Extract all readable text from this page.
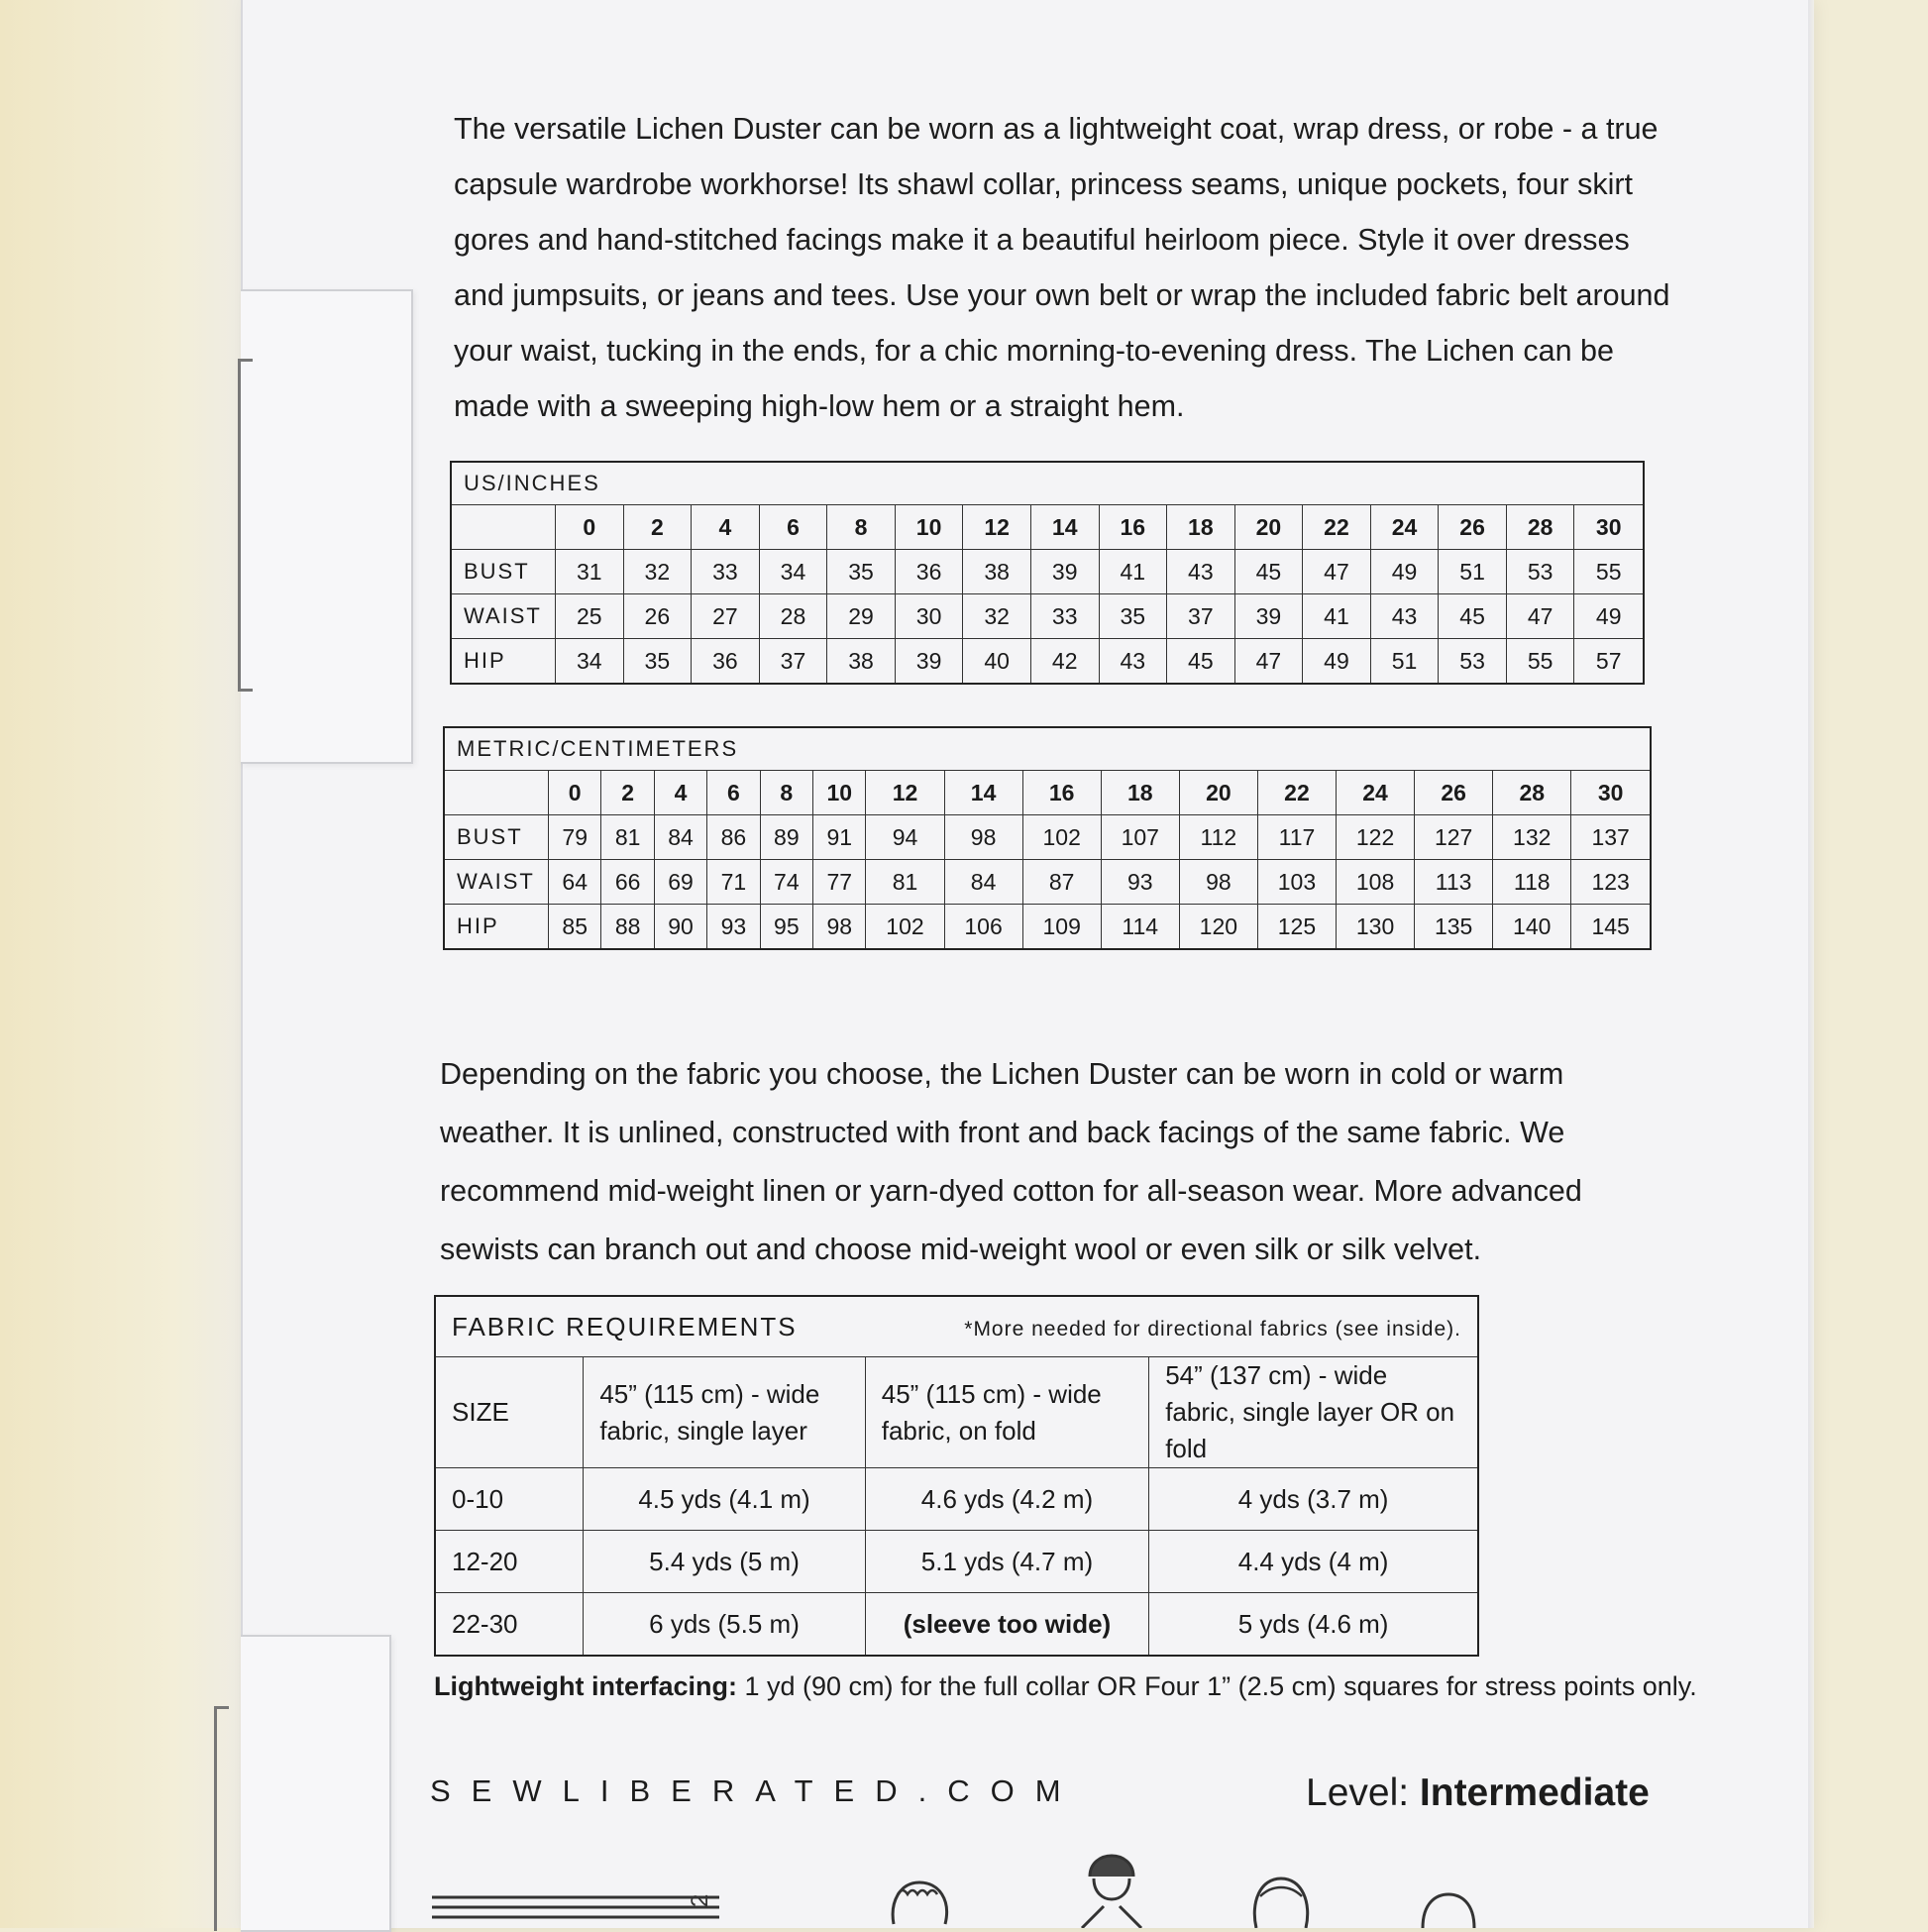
The versatile Lichen Duster can be worn as a lightweight coat, wrap dress, or robe - a true capsule wardrobe workhorse! Its shawl collar, princess seams, unique pockets, four skirt gores and hand-stitched facings make it a beautiful heirloom piece. Style it over dresses and jumpsuits, or jeans and tees. Use your own belt or wrap the included fabric belt around your waist, tucking in the ends, for a chic morning-to-evening dress. The Lichen can be made with a sweeping high-low hem or a straight hem.

US/INCHES																
	0	2	4	6	8	10	12	14	16	18	20	22	24	26	28	30
BUST	31	32	33	34	35	36	38	39	41	43	45	47	49	51	53	55
WAIST	25	26	27	28	29	30	32	33	35	37	39	41	43	45	47	49
HIP	34	35	36	37	38	39	40	42	43	45	47	49	51	53	55	57
METRIC/CENTIMETERS																
	0	2	4	6	8	10	12	14	16	18	20	22	24	26	28	30
BUST	79	81	84	86	89	91	94	98	102	107	112	117	122	127	132	137
WAIST	64	66	69	71	74	77	81	84	87	93	98	103	108	113	118	123
HIP	85	88	90	93	95	98	102	106	109	114	120	125	130	135	140	145

Depending on the fabric you choose, the Lichen Duster can be worn in cold or warm weather. It is unlined, constructed with front and back facings of the same fabric. We recommend mid-weight linen or yarn-dyed cotton for all-season wear. More advanced sewists can branch out and choose mid-weight wool or even silk or silk velvet.

FABRIC REQUIREMENTS *More needed for directional fabrics (see inside).			

SIZE	45” (115 cm) - wide fabric, single layer	45” (115 cm) - wide fabric, on fold	54” (137 cm) - wide fabric, single layer OR on fold
0-10	4.5 yds (4.1 m)	4.6 yds (4.2 m)	4 yds (3.7 m)
12-20	5.4 yds (5 m)	5.1 yds (4.7 m)	4.4 yds (4 m)
22-30	6 yds (5.5 m)	(sleeve too wide)	5 yds (4.6 m)

Lightweight interfacing: 1 yd (90 cm) for the full collar OR Four 1” (2.5 cm) squares for stress points only.

SEWLIBERATED.COM	Level: Intermediate

2
